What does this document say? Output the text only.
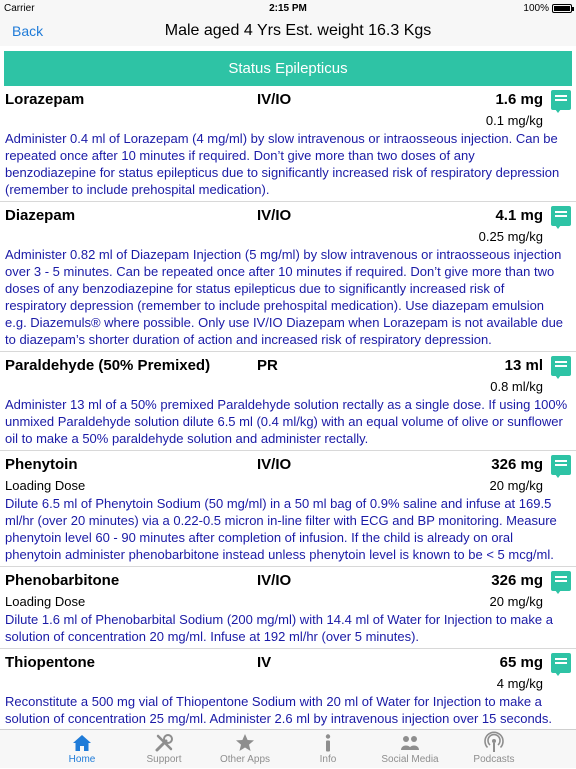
Carrier	2:15 PM	100%
Back	Male aged 4 Yrs Est. weight 16.3 Kgs
Status Epilepticus
Lorazepam	IV/IO	1.6 mg
0.1 mg/kg
Administer 0.4 ml of Lorazepam (4 mg/ml) by slow intravenous or intraosseous injection. Can be repeated once after 10 minutes if required. Don’t give more than two doses of any benzodiazepine for status epilepticus due to significantly increased risk of respiratory depression (remember to include prehospital medication).
Diazepam	IV/IO	4.1 mg
0.25 mg/kg
Administer 0.82 ml of Diazepam Injection (5 mg/ml) by slow intravenous or intraosseous injection over 3 - 5 minutes. Can be repeated once after 10 minutes if required. Don’t give more than two doses of any benzodiazepine for status epilepticus due to significantly increased risk of respiratory depression (remember to include prehospital medication). Use diazepam emulsion e.g. Diazemuls® where possible. Only use IV/IO Diazepam when Lorazepam is not available due to diazepam’s shorter duration of action and increased risk of respiratory depression.
Paraldehyde (50% Premixed)	PR	13 ml
0.8 ml/kg
Administer 13 ml of a 50% premixed Paraldehyde solution rectally as a single dose. If using 100% unmixed Paraldehyde solution dilute 6.5 ml (0.4 ml/kg) with an equal volume of olive or sunflower oil to make a 50% paraldehyde solution and administer rectally.
Phenytoin	IV/IO	326 mg
Loading Dose	20 mg/kg
Dilute 6.5 ml of Phenytoin Sodium (50 mg/ml) in a 50 ml bag of 0.9% saline and infuse at 169.5 ml/hr (over 20 minutes) via a 0.22-0.5 micron in-line filter with ECG and BP monitoring. Measure phenytoin level 60 - 90 minutes after completion of infusion. If the child is already on oral phenytoin administer phenobarbitone instead unless phenytoin level is known to be < 5 mcg/ml.
Phenobarbitone	IV/IO	326 mg
Loading Dose	20 mg/kg
Dilute 1.6 ml of Phenobarbital Sodium (200 mg/ml) with 14.4 ml of Water for Injection to make a solution of concentration 20 mg/ml. Infuse at 192 ml/hr (over 5 minutes).
Thiopentone	IV	65 mg
4 mg/kg
Reconstitute a 500 mg vial of Thiopentone Sodium with 20 ml of Water for Injection to make a solution of concentration 25 mg/ml. Administer 2.6 ml by intravenous injection over 15 seconds.
Home	Support	Other Apps	Info	Social Media	Podcasts
